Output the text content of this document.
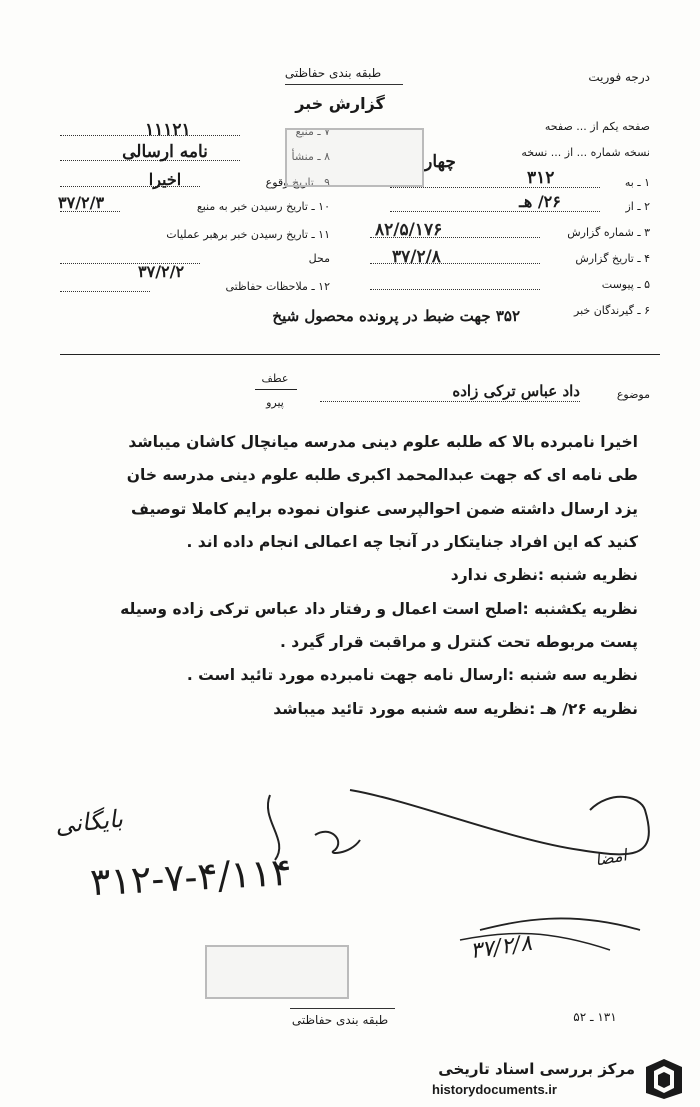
طبقه بندی حفاظتی
گزارش خبر
درجه فوریت
۷ ـ منبع
۱۱۱۲۱
۸ ـ منشأ
نامه ارسالی
۹ ـ تاریخ وقوع
اخیرا
۱۰ ـ تاریخ رسیدن خبر به منبع
۳۷/۲/۳
۱۱ ـ تاریخ رسیدن خبر برهبر عملیات
محل
۳۷/۲/۲
۱۲ ـ ملاحظات حفاظتی
صفحه یکم از ... صفحه
نسخه شماره ... از ... نسخه
چهار
۱ ـ به
۳۱۲
۲ ـ از
۲۶/ هـ
۳ ـ شماره گزارش
۸۲/۵/۱۷۶
۴ ـ تاریخ گزارش
۳۷/۲/۸
۵ ـ پیوست
۶ ـ گیرندگان خبر
۳۵۲ جهت ضبط در پرونده محصول شیخ
عطف
پیرو
موضوع
داد عباس ترکی زاده
اخیرا نامبرده بالا که طلبه علوم دینی مدرسه میانچال کاشان میباشد
طی نامه ای که جهت عبدالمحمد اکبری طلبه علوم دینی مدرسه خان
یزد ارسال داشته ضمن احوالپرسی عنوان نموده برایم کاملا توصیف
کنید که این افراد جنایتکار در آنجا چه اعمالی انجام داده اند .
نظریه شنبه :نظری ندارد
نظریه یکشنبه :اصلح است اعمال و رفتار داد عباس ترکی زاده وسیله
پست مربوطه تحت کنترل و مراقبت قرار گیرد .
نظریه سه شنبه :ارسال نامه جهت نامبرده مورد تائید است .
نظریه ۲۶/ هـ :نظریه سه شنبه مورد تائید میباشد
بایگانی
۳۱۲-۷-۴/۱۱۴
۳۷/۲/۸
امضا
طبقه بندی حفاظتی	۱۳۱ ـ ۵۲
مرکز بررسی اسناد تاریخی
historydocuments.ir
